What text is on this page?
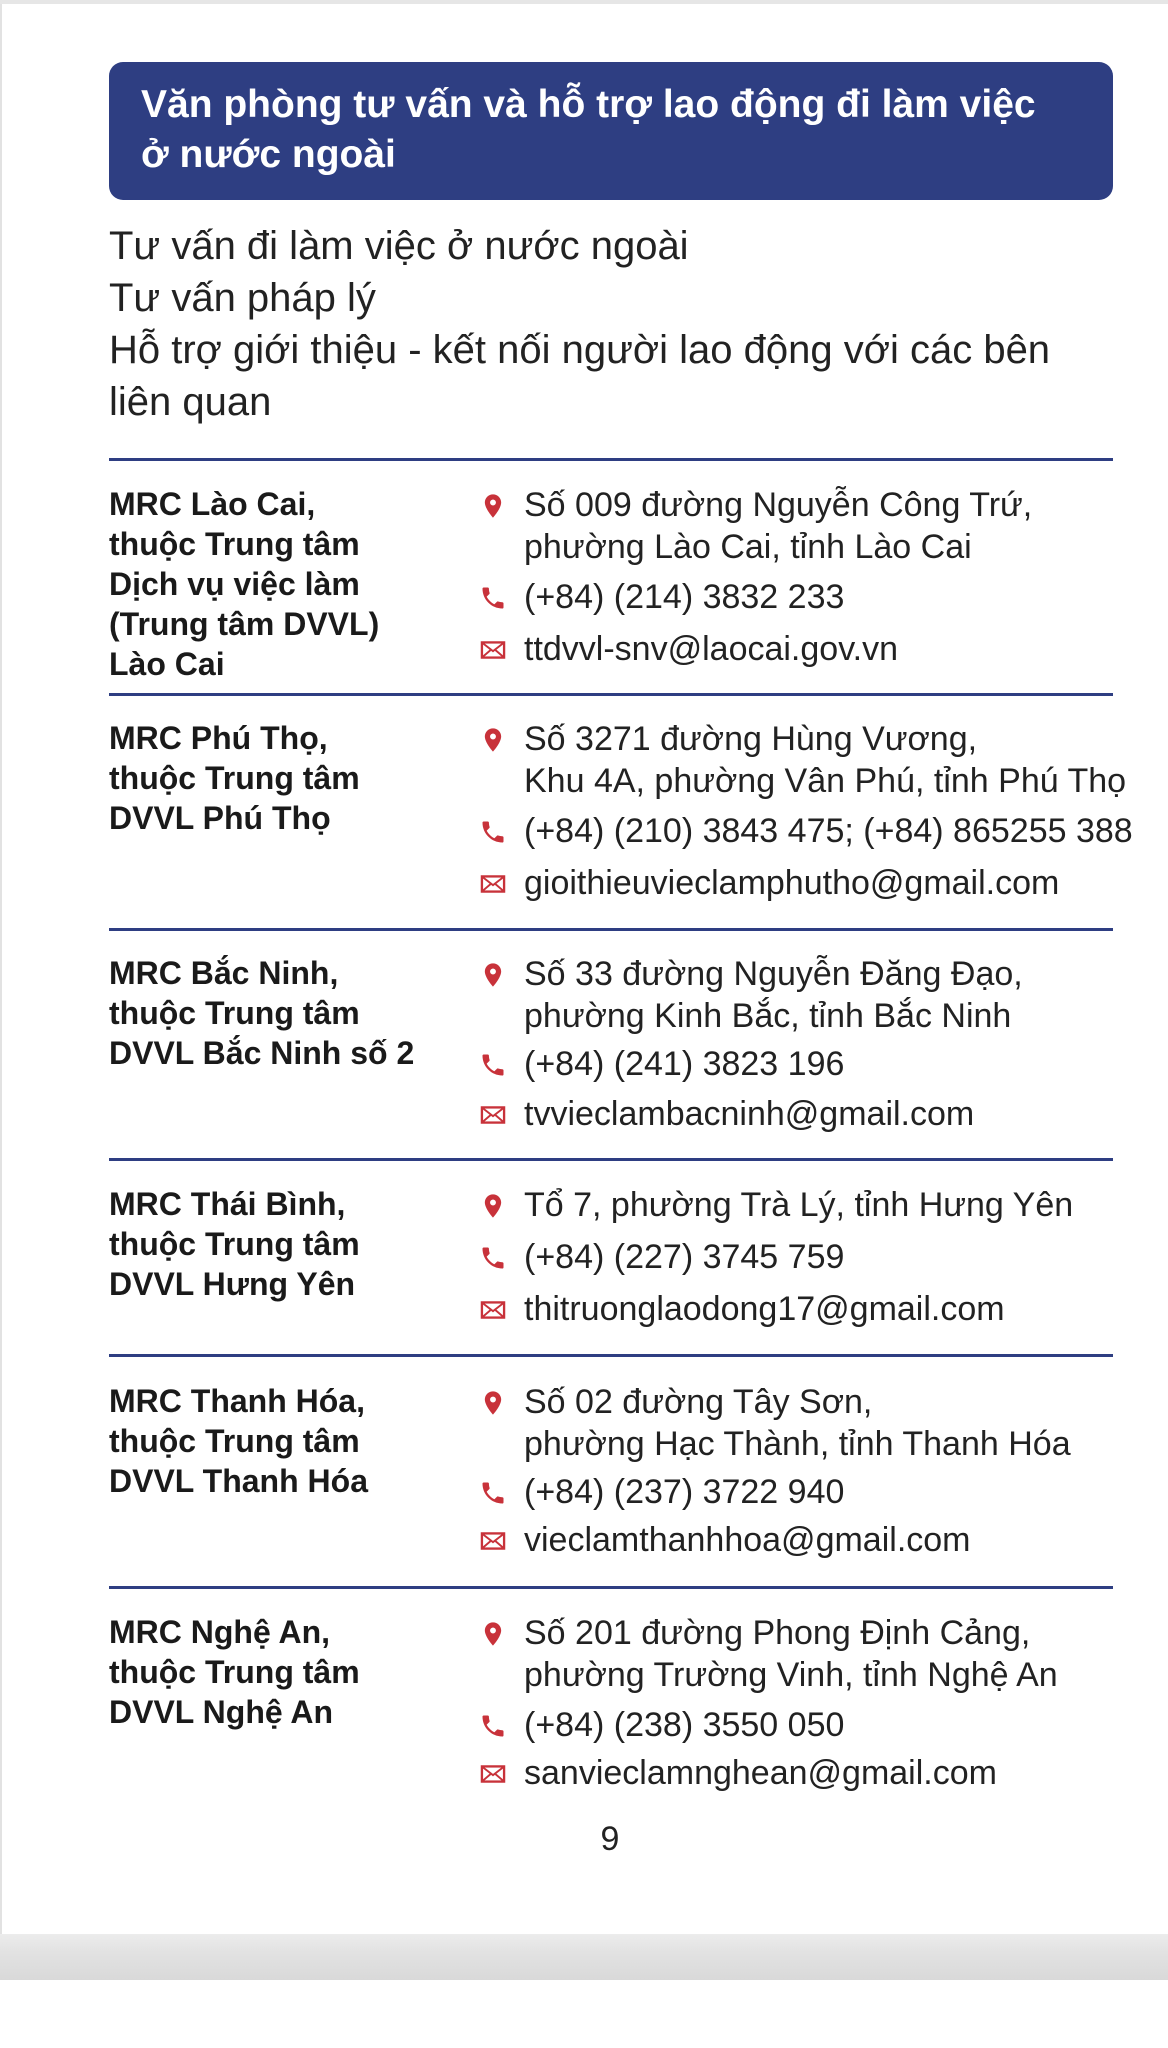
Văn phòng tư vấn và hỗ trợ lao động đi làm việc
ở nước ngoài
Tư vấn đi làm việc ở nước ngoài
Tư vấn pháp lý
Hỗ trợ giới thiệu - kết nối người lao động với các bên
liên quan
MRC Lào Cai,
thuộc Trung tâm
Dịch vụ việc làm
(Trung tâm DVVL)
Lào Cai
Số 009 đường Nguyễn Công Trứ,
phường Lào Cai, tỉnh Lào Cai
(+84) (214) 3832 233
ttdvvl-snv@laocai.gov.vn
MRC Phú Thọ,
thuộc Trung tâm
DVVL Phú Thọ
Số 3271 đường Hùng Vương,
Khu 4A, phường Vân Phú, tỉnh Phú Thọ
(+84) (210) 3843 475; (+84) 865255 388
gioithieuvieclamphutho@gmail.com
MRC Bắc Ninh,
thuộc Trung tâm
DVVL Bắc Ninh số 2
Số 33 đường Nguyễn Đăng Đạo,
phường Kinh Bắc, tỉnh Bắc Ninh
(+84) (241) 3823 196
tvvieclambacninh@gmail.com
MRC Thái Bình,
thuộc Trung tâm
DVVL Hưng Yên
Tổ 7, phường Trà Lý, tỉnh Hưng Yên
(+84) (227) 3745 759
thitruonglaodong17@gmail.com
MRC Thanh Hóa,
thuộc Trung tâm
DVVL Thanh Hóa
Số 02 đường Tây Sơn,
phường Hạc Thành, tỉnh Thanh Hóa
(+84) (237) 3722 940
vieclamthanhhoa@gmail.com
MRC Nghệ An,
thuộc Trung tâm
DVVL Nghệ An
Số 201 đường Phong Định Cảng,
phường Trường Vinh, tỉnh Nghệ An
(+84) (238) 3550 050
sanvieclamnghean@gmail.com
9
